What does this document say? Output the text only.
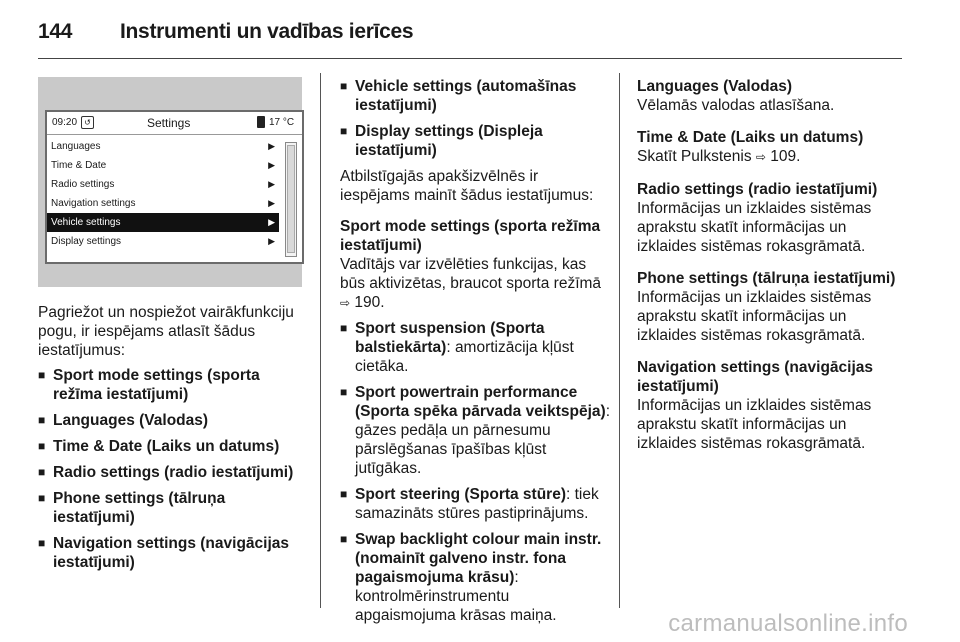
144 Instrumenti un vadības ierīces
09:20 ↺	Settings	17 °C
Languages	▶
Time & Date	▶
Radio settings	▶
Navigation settings	▶
Vehicle settings	▶
Display settings	▶

Pagriežot un nospiežot vairākfunkciju pogu, ir iespējams atlasīt šādus iestatījumus:

■ Sport mode settings (sporta režīma iestatījumi)
■ Languages (Valodas)
■ Time & Date (Laiks un datums)
■ Radio settings (radio iestatījumi)
■ Phone settings (tālruņa iestatījumi)
■ Navigation settings (navigācijas iestatījumi)
■ Vehicle settings (automašīnas iestatījumi)
■ Display settings (Displeja iestatījumi)

Atbilstīgajās apakšizvēlnēs ir iespējams mainīt šādus iestatījumus:

Sport mode settings (sporta režīma iestatījumi)
Vadītājs var izvēlēties funkcijas, kas būs aktivizētas, braucot sporta režīmā ⇨ 190.
■ Sport suspension (Sporta balstiekārta): amortizācija kļūst cietāka.
■ Sport powertrain performance (Sporta spēka pārvada veiktspēja): gāzes pedāļa un pārnesumu pārslēgšanas īpašības kļūst jutīgākas.
■ Sport steering (Sporta stūre): tiek samazināts stūres pastiprinājums.
■ Swap backlight colour main instr. (nomainīt galveno instr. fona pagaismojuma krāsu): kontrolmērinstrumentu apgaismojuma krāsas maiņa.
Languages (Valodas)
Vēlamās valodas atlasīšana.
Time & Date (Laiks un datums)
Skatīt Pulkstenis ⇨ 109.
Radio settings (radio iestatījumi)
Informācijas un izklaides sistēmas aprakstu skatīt informācijas un izklaides sistēmas rokasgrāmatā.
Phone settings (tālruņa iestatījumi)
Informācijas un izklaides sistēmas aprakstu skatīt informācijas un izklaides sistēmas rokasgrāmatā.
Navigation settings (navigācijas iestatījumi)
Informācijas un izklaides sistēmas aprakstu skatīt informācijas un izklaides sistēmas rokasgrāmatā.
carmanualsonline.info
